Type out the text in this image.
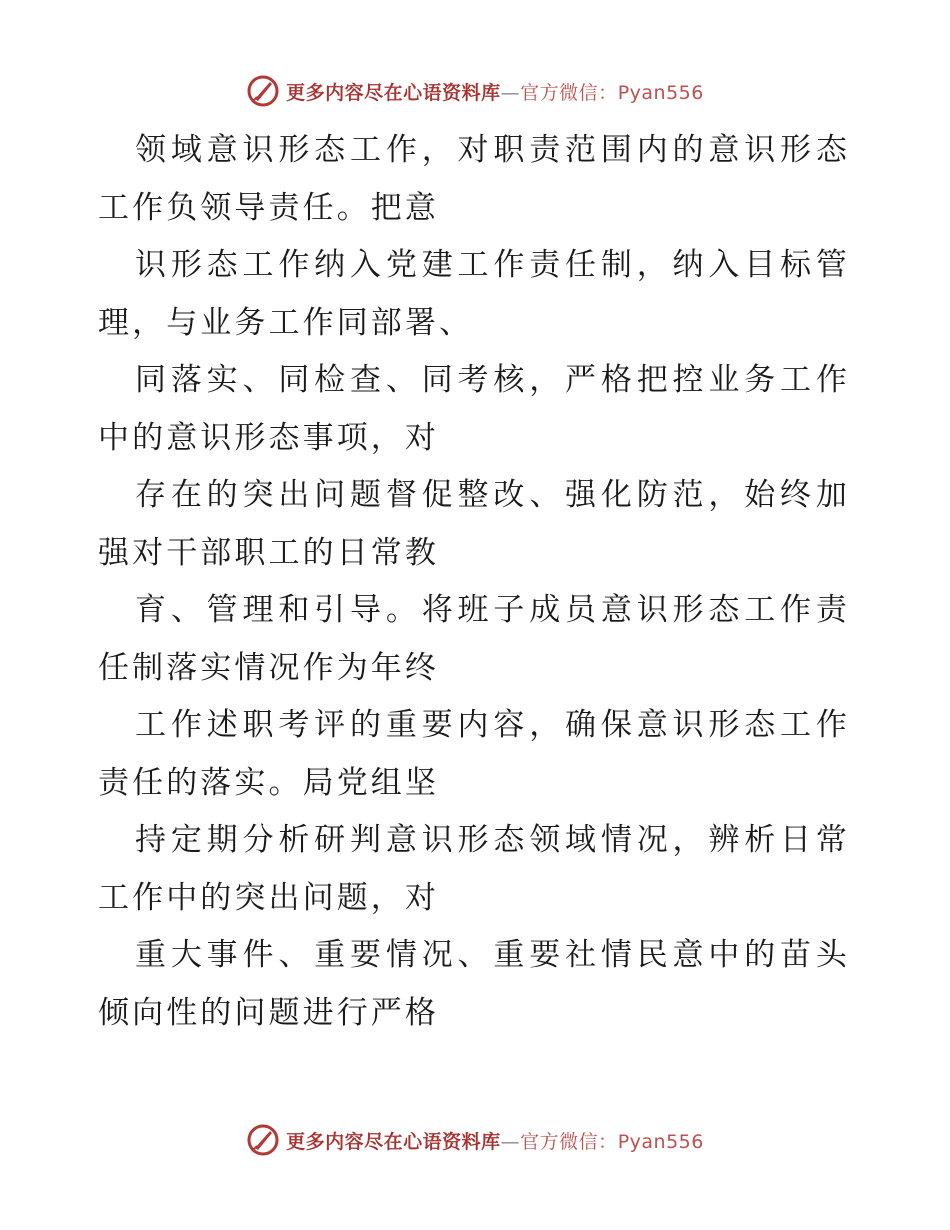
更多内容尽在心语资料库—官方微信：Pyan556
领域意识形态工作，对职责范围内的意识形态工作负领导责任。把意
识形态工作纳入党建工作责任制，纳入目标管理，与业务工作同部署、
同落实、同检查、同考核，严格把控业务工作中的意识形态事项，对
存在的突出问题督促整改、强化防范，始终加强对干部职工的日常教
育、管理和引导。将班子成员意识形态工作责任制落实情况作为年终
工作述职考评的重要内容，确保意识形态工作责任的落实。局党组坚
持定期分析研判意识形态领域情况，辨析日常工作中的突出问题，对
重大事件、重要情况、重要社情民意中的苗头倾向性的问题进行严格
更多内容尽在心语资料库—官方微信：Pyan556
